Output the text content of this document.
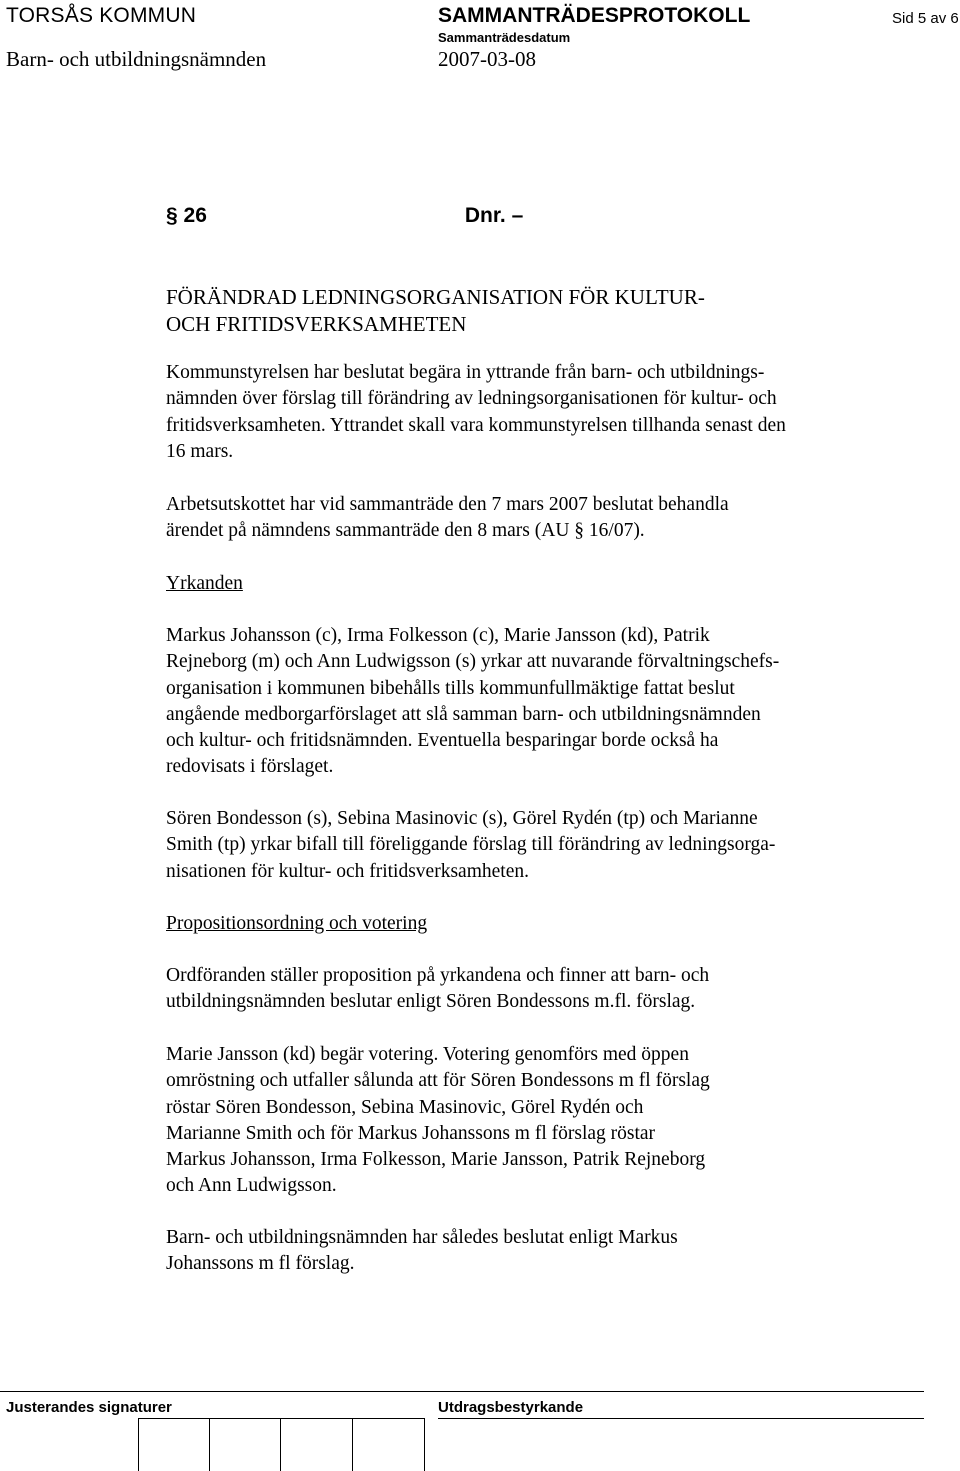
TORSÅS KOMMUN	SAMMANTRÄDESPROTOKOLL	Sid 5 av 6
Sammanträdesdatum
Barn- och utbildningsnämnden	2007-03-08
§ 26	Dnr. –
FÖRÄNDRAD LEDNINGSORGANISATION FÖR KULTUR-
OCH FRITIDSVERKSAMHETEN
Kommunstyrelsen har beslutat begära in yttrande från barn- och utbildnings-
nämnden över förslag till förändring av ledningsorganisationen för kultur- och
fritidsverksamheten. Yttrandet skall vara kommunstyrelsen tillhanda senast den
16 mars.
Arbetsutskottet har vid sammanträde den 7 mars 2007 beslutat behandla
ärendet på nämndens sammanträde den 8 mars (AU § 16/07).
Yrkanden
Markus Johansson (c), Irma Folkesson (c), Marie Jansson (kd), Patrik
Rejneborg (m) och Ann Ludwigsson (s) yrkar att nuvarande förvaltningschefs-
organisation i kommunen bibehålls tills kommunfullmäktige fattat beslut
angående medborgarförslaget att slå samman barn- och utbildningsnämnden
och kultur- och fritidsnämnden. Eventuella besparingar borde också ha
redovisats i förslaget.
Sören Bondesson (s), Sebina Masinovic (s), Görel Rydén (tp) och Marianne
Smith (tp) yrkar bifall till föreliggande förslag till förändring av ledningsorga-
nisationen för kultur- och fritidsverksamheten.
Propositionsordning och votering
Ordföranden ställer proposition på yrkandena och finner att barn- och
utbildningsnämnden beslutar enligt Sören Bondessons m.fl. förslag.
Marie Jansson (kd) begär votering. Votering genomförs med öppen
omröstning och utfaller sålunda att för Sören Bondessons m fl förslag
röstar Sören Bondesson, Sebina Masinovic, Görel Rydén och
Marianne Smith och för Markus Johanssons m fl förslag röstar
Markus Johansson, Irma Folkesson, Marie Jansson, Patrik Rejneborg
och Ann Ludwigsson.
Barn- och utbildningsnämnden har således beslutat enligt Markus
Johanssons m fl förslag.
Justerandes signaturer	Utdragsbestyrkande
